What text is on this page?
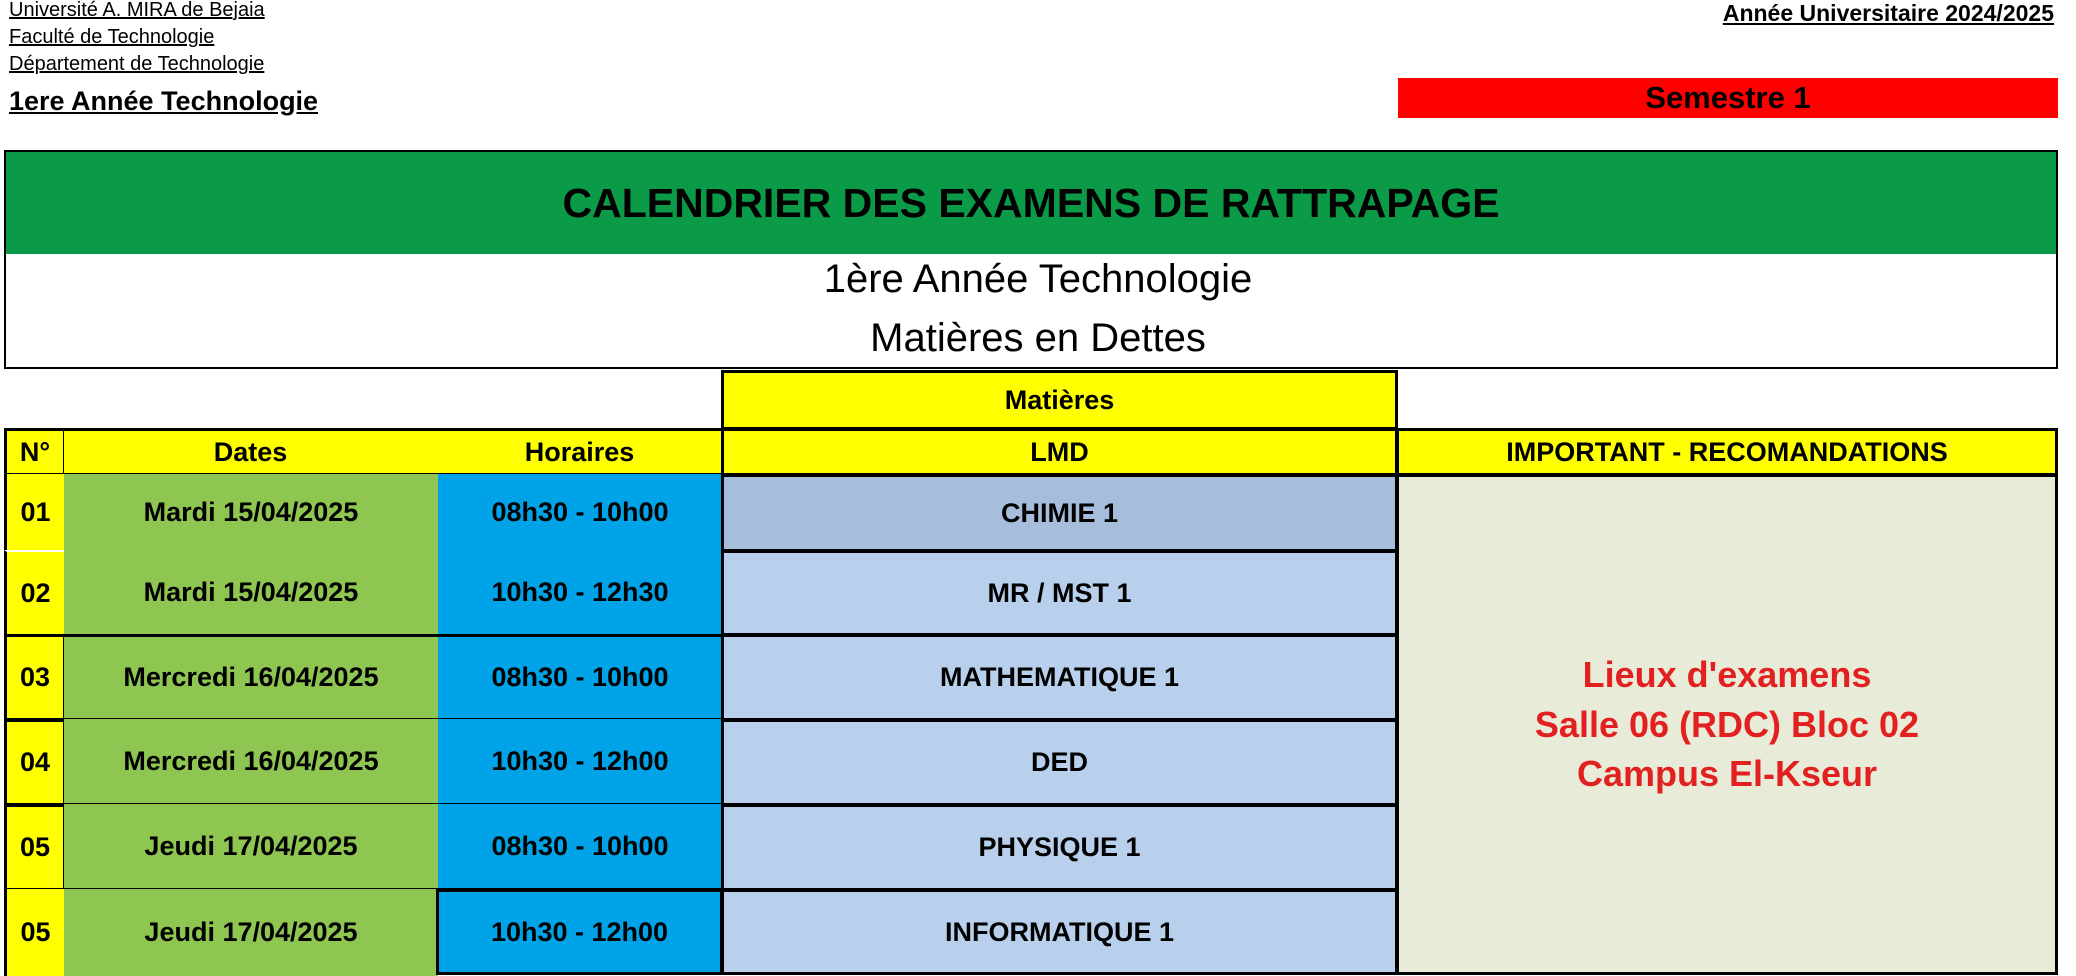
Université A. MIRA de Bejaia
Faculté de Technologie
Département de Technologie
1ere Année Technologie
Année Universitaire 2024/2025
Semestre 1
CALENDRIER DES EXAMENS DE RATTRAPAGE
1ère Année Technologie
Matières en Dettes
Matières
N°	Dates	Horaires	LMD	IMPORTANT - RECOMANDATIONS
01	Mardi 15/04/2025	08h30 - 10h00	CHIMIE 1
02	Mardi 15/04/2025	10h30 - 12h30	MR / MST 1
03	Mercredi 16/04/2025	08h30 - 10h00	MATHEMATIQUE 1
04	Mercredi 16/04/2025	10h30 - 12h00	DED
05	Jeudi 17/04/2025	08h30 - 10h00	PHYSIQUE 1
05	Jeudi 17/04/2025	10h30 - 12h00	INFORMATIQUE 1
Lieux d'examens
Salle 06 (RDC) Bloc 02
Campus El-Kseur
